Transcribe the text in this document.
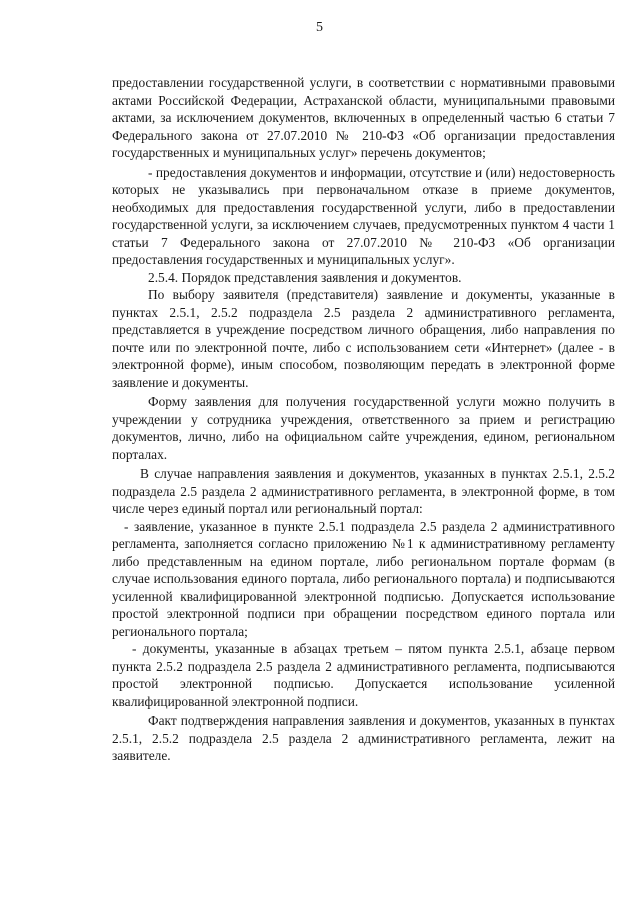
5

предоставлении государственной услуги, в соответствии с нормативными правовыми актами Российской Федерации, Астраханской области, муниципальными правовыми актами, за исключением документов, включенных в определенный частью 6 статьи 7 Федерального закона от 27.07.2010 № 210-ФЗ «Об организации предоставления государственных и муниципальных услуг» перечень документов;

- предоставления документов и информации, отсутствие и (или) недостоверность которых не указывались при первоначальном отказе в приеме документов, необходимых для предоставления государственной услуги, либо в предоставлении государственной услуги, за исключением случаев, предусмотренных пунктом 4 части 1 статьи 7 Федерального закона от 27.07.2010 № 210-ФЗ «Об организации предоставления государственных и муниципальных услуг».

2.5.4. Порядок представления заявления и документов.

По выбору заявителя (представителя) заявление и документы, указанные в пунктах 2.5.1, 2.5.2 подраздела 2.5 раздела 2 административного регламента, представляется в учреждение посредством личного обращения, либо направления по почте или по электронной почте, либо с использованием сети «Интернет» (далее - в электронной форме), иным способом, позволяющим передать в электронной форме заявление и документы.

Форму заявления для получения государственной услуги можно получить в учреждении у сотрудника учреждения, ответственного за прием и регистрацию документов, лично, либо на официальном сайте учреждения, едином, региональном порталах.

В случае направления заявления и документов, указанных в пунктах 2.5.1, 2.5.2 подраздела 2.5 раздела 2 административного регламента, в электронной форме, в том числе через единый портал или региональный портал:

- заявление, указанное в пункте 2.5.1 подраздела 2.5 раздела 2 административного регламента, заполняется согласно приложению №1 к административному регламенту либо представленным на едином портале, либо региональном портале формам (в случае использования единого портала, либо регионального портала) и подписываются усиленной квалифицированной электронной подписью. Допускается использование простой электронной подписи при обращении посредством единого портала или регионального портала;

- документы, указанные в абзацах третьем – пятом пункта 2.5.1, абзаце первом пункта 2.5.2 подраздела 2.5 раздела 2 административного регламента, подписываются простой электронной подписью. Допускается использование усиленной квалифицированной электронной подписи.

Факт подтверждения направления заявления и документов, указанных в пунктах 2.5.1, 2.5.2 подраздела 2.5 раздела 2 административного регламента, лежит на заявителе.
